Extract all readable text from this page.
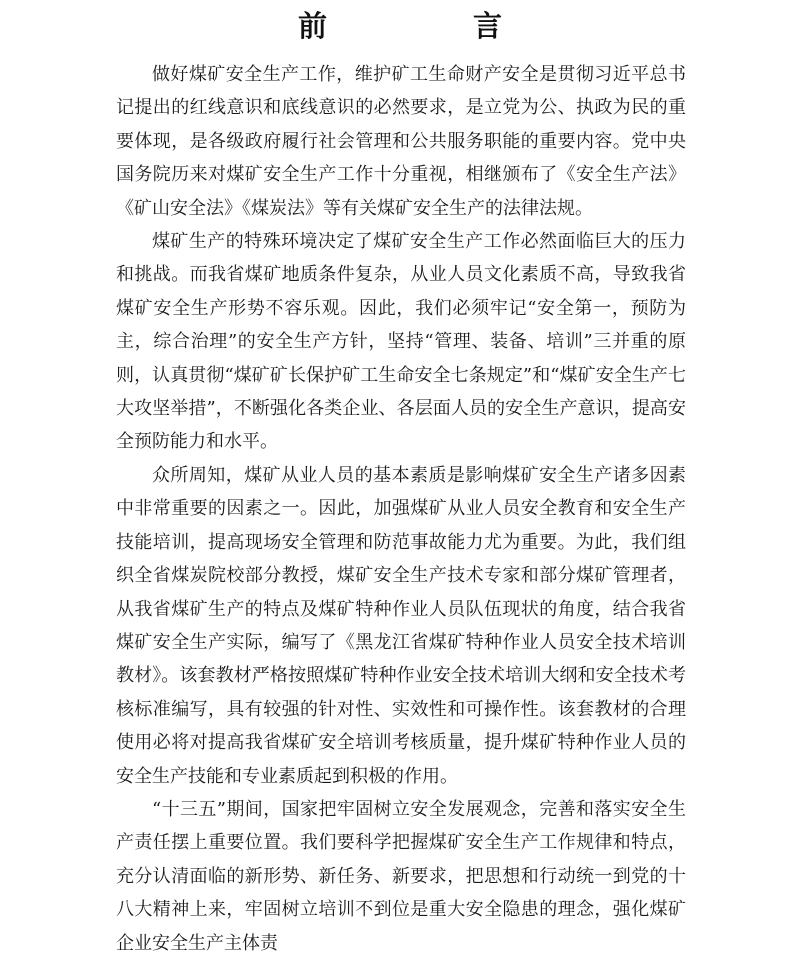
前 言

做好煤矿安全生产工作，维护矿工生命财产安全是贯彻习近平总书记提出的红线意识和底线意识的必然要求，是立党为公、执政为民的重要体现，是各级政府履行社会管理和公共服务职能的重要内容。党中央国务院历来对煤矿安全生产工作十分重视，相继颁布了《安全生产法》《矿山安全法》《煤炭法》等有关煤矿安全生产的法律法规。

煤矿生产的特殊环境决定了煤矿安全生产工作必然面临巨大的压力和挑战。而我省煤矿地质条件复杂，从业人员文化素质不高，导致我省煤矿安全生产形势不容乐观。因此，我们必须牢记“安全第一，预防为主，综合治理”的安全生产方针，坚持“管理、装备、培训”三并重的原则，认真贯彻“煤矿矿长保护矿工生命安全七条规定”和“煤矿安全生产七大攻坚举措”，不断强化各类企业、各层面人员的安全生产意识，提高安全预防能力和水平。

众所周知，煤矿从业人员的基本素质是影响煤矿安全生产诸多因素中非常重要的因素之一。因此，加强煤矿从业人员安全教育和安全生产技能培训，提高现场安全管理和防范事故能力尤为重要。为此，我们组织全省煤炭院校部分教授，煤矿安全生产技术专家和部分煤矿管理者，从我省煤矿生产的特点及煤矿特种作业人员队伍现状的角度，结合我省煤矿安全生产实际，编写了《黑龙江省煤矿特种作业人员安全技术培训教材》。该套教材严格按照煤矿特种作业安全技术培训大纲和安全技术考核标准编写，具有较强的针对性、实效性和可操作性。该套教材的合理使用必将对提高我省煤矿安全培训考核质量，提升煤矿特种作业人员的安全生产技能和专业素质起到积极的作用。

“十三五”期间，国家把牢固树立安全发展观念，完善和落实安全生产责任摆上重要位置。我们要科学把握煤矿安全生产工作规律和特点，充分认清面临的新形势、新任务、新要求，把思想和行动统一到党的十八大精神上来，牢固树立培训不到位是重大安全隐患的理念，强化煤矿企业安全生产主体责
